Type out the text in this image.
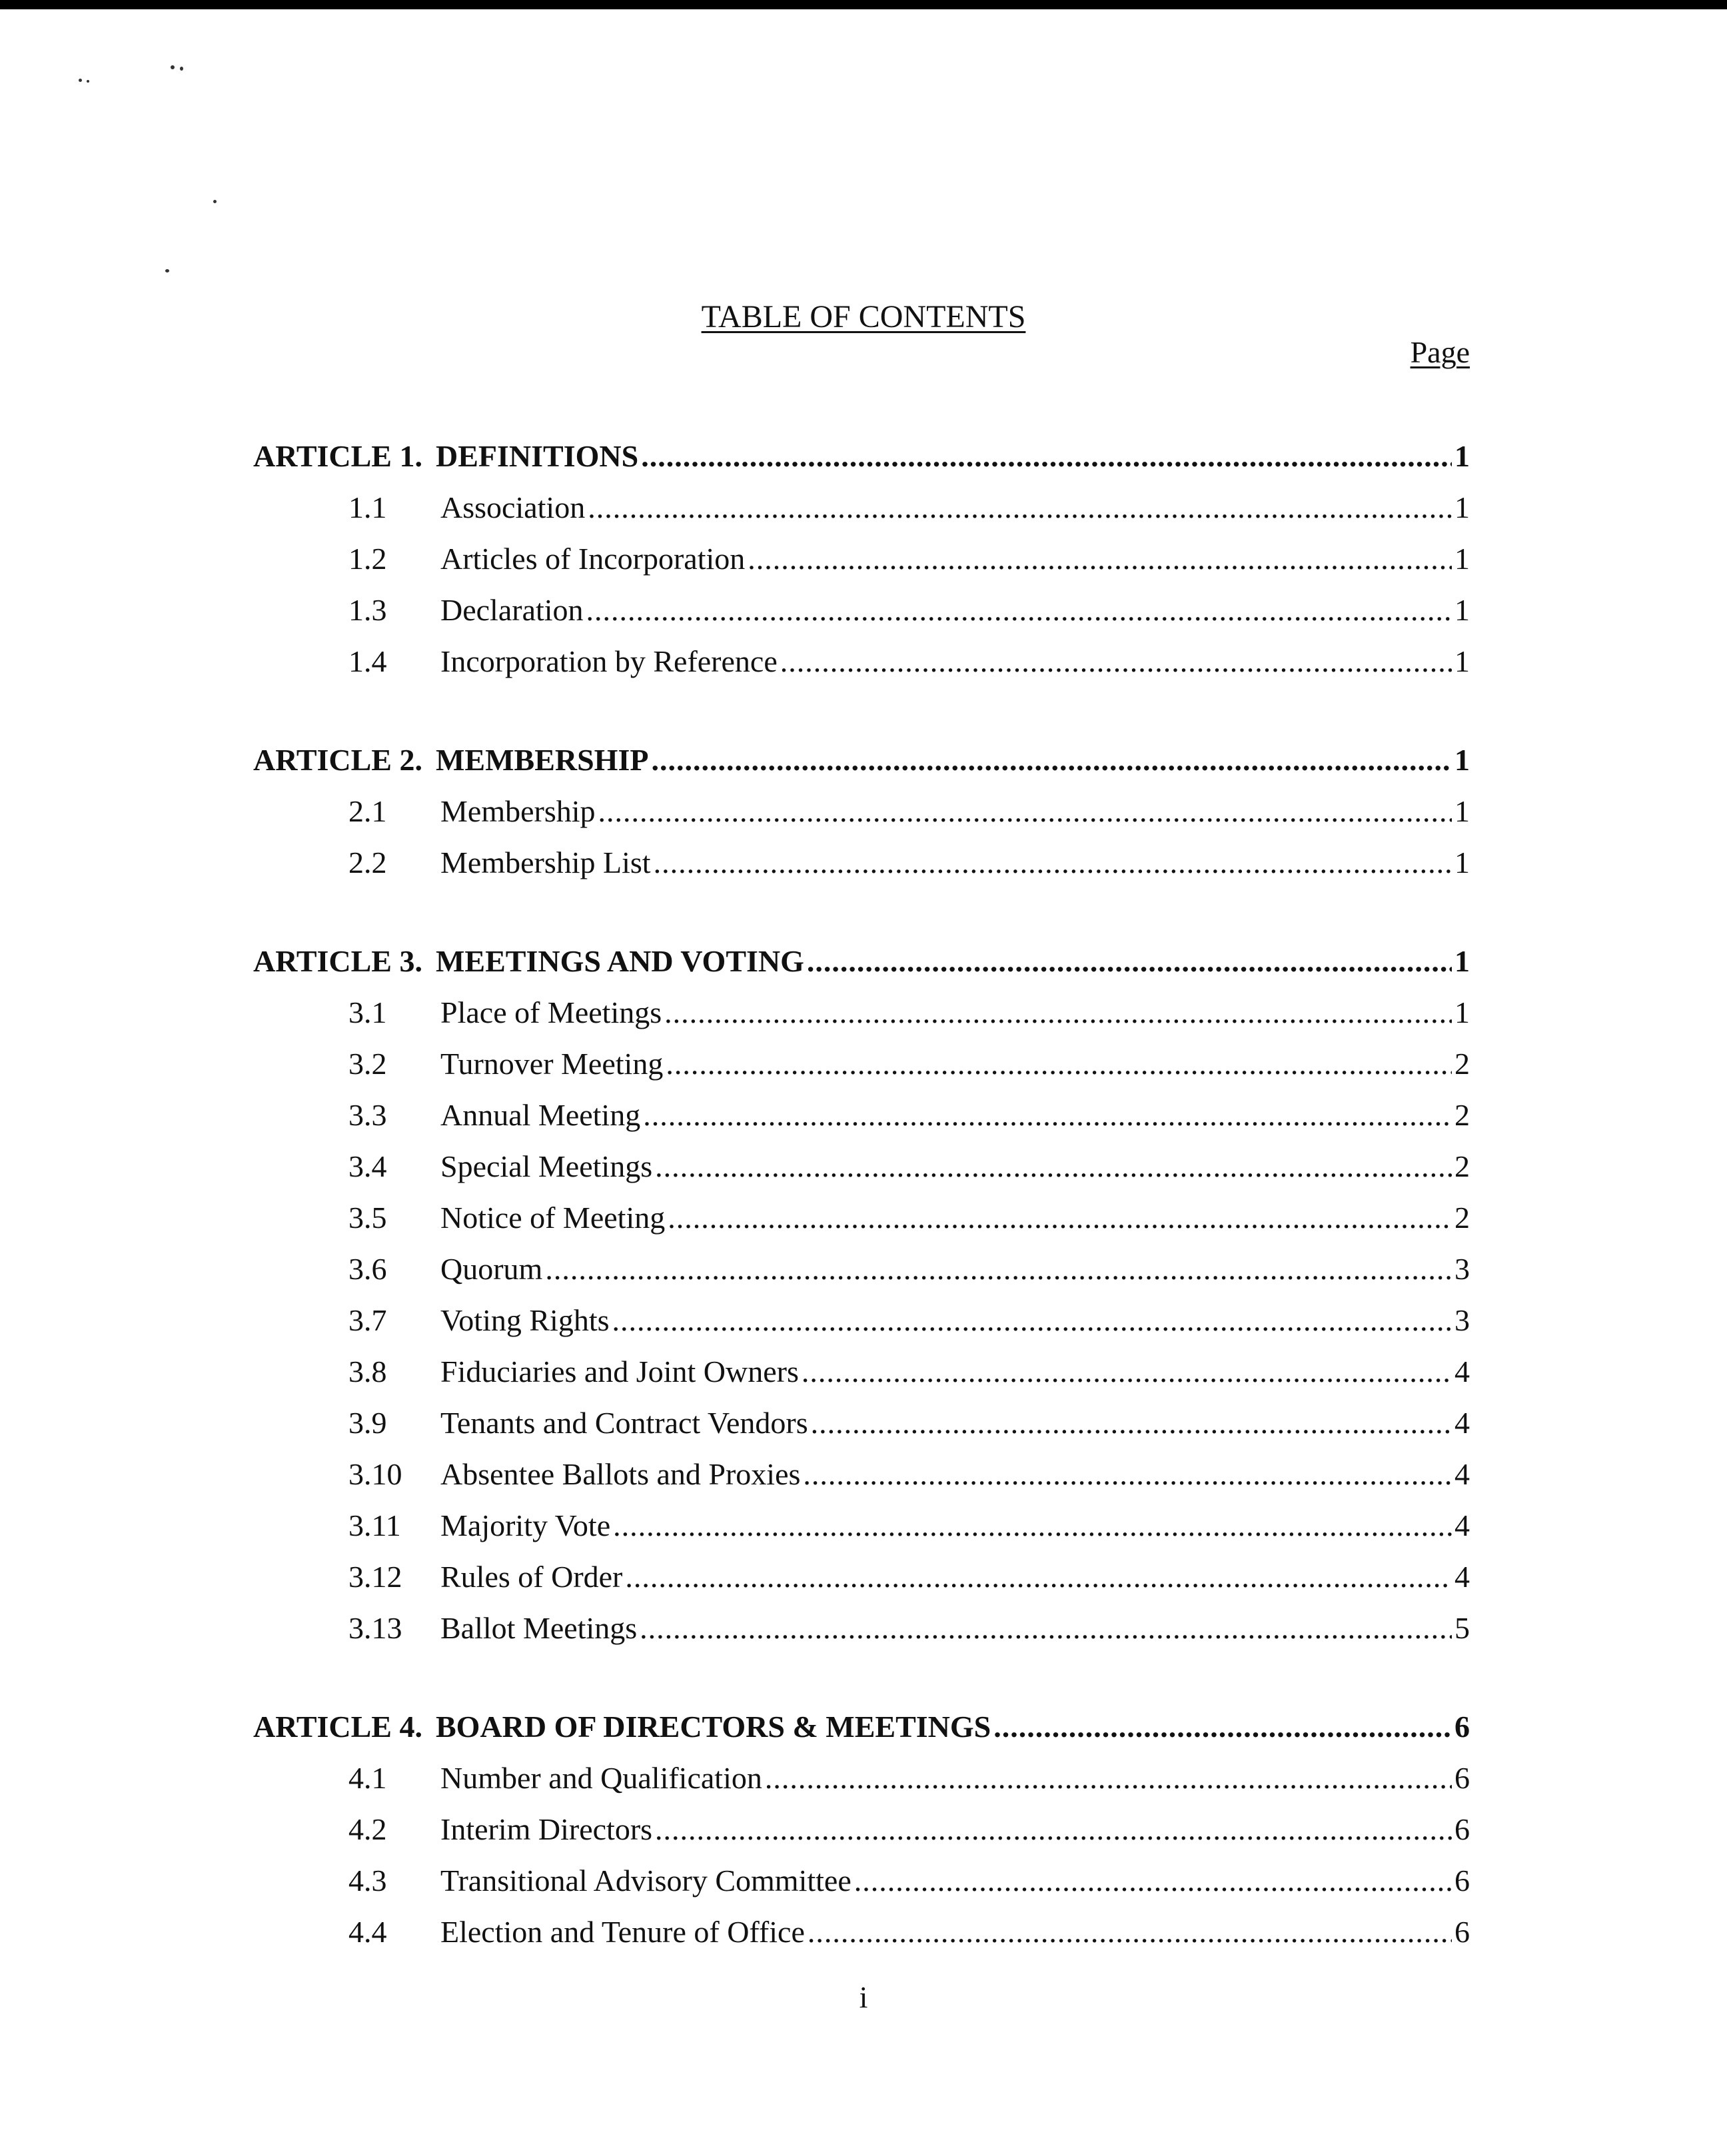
TABLE OF CONTENTS
Page
ARTICLE 1. DEFINITIONS .....	1
1.1	Association .....	1
1.2	Articles of Incorporation .....	1
1.3	Declaration .....	1
1.4	Incorporation by Reference .....	1
ARTICLE 2. MEMBERSHIP .....	1
2.1	Membership .....	1
2.2	Membership List .....	1
ARTICLE 3. MEETINGS AND VOTING .....	1
3.1	Place of Meetings .....	1
3.2	Turnover Meeting .....	2
3.3	Annual Meeting .....	2
3.4	Special Meetings .....	2
3.5	Notice of Meeting .....	2
3.6	Quorum .....	3
3.7	Voting Rights .....	3
3.8	Fiduciaries and Joint Owners .....	4
3.9	Tenants and Contract Vendors .....	4
3.10	Absentee Ballots and Proxies .....	4
3.11	Majority Vote .....	4
3.12	Rules of Order .....	4
3.13	Ballot Meetings .....	5
ARTICLE 4. BOARD OF DIRECTORS & MEETINGS .....	6
4.1	Number and Qualification .....	6
4.2	Interim Directors .....	6
4.3	Transitional Advisory Committee .....	6
4.4	Election and Tenure of Office .....	6
i
